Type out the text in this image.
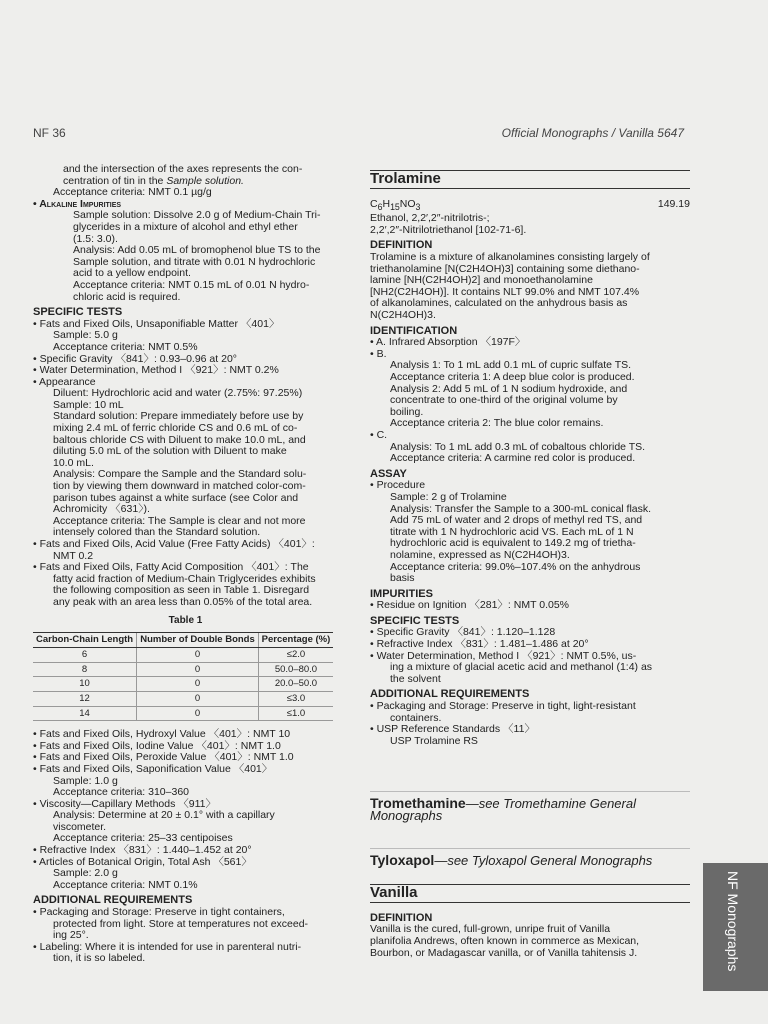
NF 36	Official Monographs / Vanilla 5647
and the intersection of the axes represents the con-
centration of tin in the Sample solution.
Acceptance criteria: NMT 0.1 µg/g
• Alkaline Impurities
Sample solution: Dissolve 2.0 g of Medium-Chain Tri-
glycerides in a mixture of alcohol and ethyl ether
(1.5: 3.0).
Analysis: Add 0.05 mL of bromophenol blue TS to the
Sample solution, and titrate with 0.01 N hydrochloric
acid to a yellow endpoint.
Acceptance criteria: NMT 0.15 mL of 0.01 N hydro-
chloric acid is required.
SPECIFIC TESTS
• Fats and Fixed Oils, Unsaponifiable Matter 〈401〉
Sample: 5.0 g
Acceptance criteria: NMT 0.5%
• Specific Gravity 〈841〉: 0.93–0.96 at 20°
• Water Determination, Method I 〈921〉: NMT 0.2%
• Appearance
Diluent: Hydrochloric acid and water (2.75%: 97.25%)
Sample: 10 mL
Standard solution: Prepare immediately before use by
mixing 2.4 mL of ferric chloride CS and 0.6 mL of co-
baltous chloride CS with Diluent to make 10.0 mL, and
diluting 5.0 mL of the solution with Diluent to make
10.0 mL.
Analysis: Compare the Sample and the Standard solu-
tion by viewing them downward in matched color-com-
parison tubes against a white surface (see Color and
Achromicity 〈631〉).
Acceptance criteria: The Sample is clear and not more
intensely colored than the Standard solution.
• Fats and Fixed Oils, Acid Value (Free Fatty Acids) 〈401〉:
NMT 0.2
• Fats and Fixed Oils, Fatty Acid Composition 〈401〉: The
fatty acid fraction of Medium-Chain Triglycerides exhibits
the following composition as seen in Table 1. Disregard
any peak with an area less than 0.05% of the total area.
Table 1
Carbon-Chain Length	Number of Double Bonds	Percentage (%)
6	0	≤2.0
8	0	50.0–80.0
10	0	20.0–50.0
12	0	≤3.0
14	0	≤1.0
• Fats and Fixed Oils, Hydroxyl Value 〈401〉: NMT 10
• Fats and Fixed Oils, Iodine Value 〈401〉: NMT 1.0
• Fats and Fixed Oils, Peroxide Value 〈401〉: NMT 1.0
• Fats and Fixed Oils, Saponification Value 〈401〉
Sample: 1.0 g
Acceptance criteria: 310–360
• Viscosity—Capillary Methods 〈911〉
Analysis: Determine at 20 ± 0.1° with a capillary
viscometer.
Acceptance criteria: 25–33 centipoises
• Refractive Index 〈831〉: 1.440–1.452 at 20°
• Articles of Botanical Origin, Total Ash 〈561〉
Sample: 2.0 g
Acceptance criteria: NMT 0.1%
ADDITIONAL REQUIREMENTS
• Packaging and Storage: Preserve in tight containers,
protected from light. Store at temperatures not exceed-
ing 25°.
• Labeling: Where it is intended for use in parenteral nutri-
tion, it is so labeled.
Trolamine
$C_6H_{15}NO_3$	149.19
Ethanol, 2,2′,2″-nitrilotris-;
2,2′,2″-Nitrilotriethanol [102-71-6].
DEFINITION
Trolamine is a mixture of alkanolamines consisting largely of
triethanolamine [N(C2H4OH)3] containing some diethano-
lamine [NH(C2H4OH)2] and monoethanolamine
[NH2(C2H4OH)]. It contains NLT 99.0% and NMT 107.4%
of alkanolamines, calculated on the anhydrous basis as
N(C2H4OH)3.
IDENTIFICATION
• A. Infrared Absorption 〈197F〉
• B.
Analysis 1: To 1 mL add 0.1 mL of cupric sulfate TS.
Acceptance criteria 1: A deep blue color is produced.
Analysis 2: Add 5 mL of 1 N sodium hydroxide, and
concentrate to one-third of the original volume by
boiling.
Acceptance criteria 2: The blue color remains.
• C.
Analysis: To 1 mL add 0.3 mL of cobaltous chloride TS.
Acceptance criteria: A carmine red color is produced.
ASSAY
• Procedure
Sample: 2 g of Trolamine
Analysis: Transfer the Sample to a 300-mL conical flask.
Add 75 mL of water and 2 drops of methyl red TS, and
titrate with 1 N hydrochloric acid VS. Each mL of 1 N
hydrochloric acid is equivalent to 149.2 mg of trietha-
nolamine, expressed as N(C2H4OH)3.
Acceptance criteria: 99.0%–107.4% on the anhydrous
basis
IMPURITIES
• Residue on Ignition 〈281〉: NMT 0.05%
SPECIFIC TESTS
• Specific Gravity 〈841〉: 1.120–1.128
• Refractive Index 〈831〉: 1.481–1.486 at 20°
• Water Determination, Method I 〈921〉: NMT 0.5%, us-
ing a mixture of glacial acetic acid and methanol (1:4) as
the solvent
ADDITIONAL REQUIREMENTS
• Packaging and Storage: Preserve in tight, light-resistant
containers.
• USP Reference Standards 〈11〉
USP Trolamine RS
Tromethamine—see Tromethamine General Monographs
Tyloxapol—see Tyloxapol General Monographs
Vanilla
DEFINITION
Vanilla is the cured, full-grown, unripe fruit of Vanilla
planifolia Andrews, often known in commerce as Mexican,
Bourbon, or Madagascar vanilla, or of Vanilla tahitensis J.	NF Monographs
